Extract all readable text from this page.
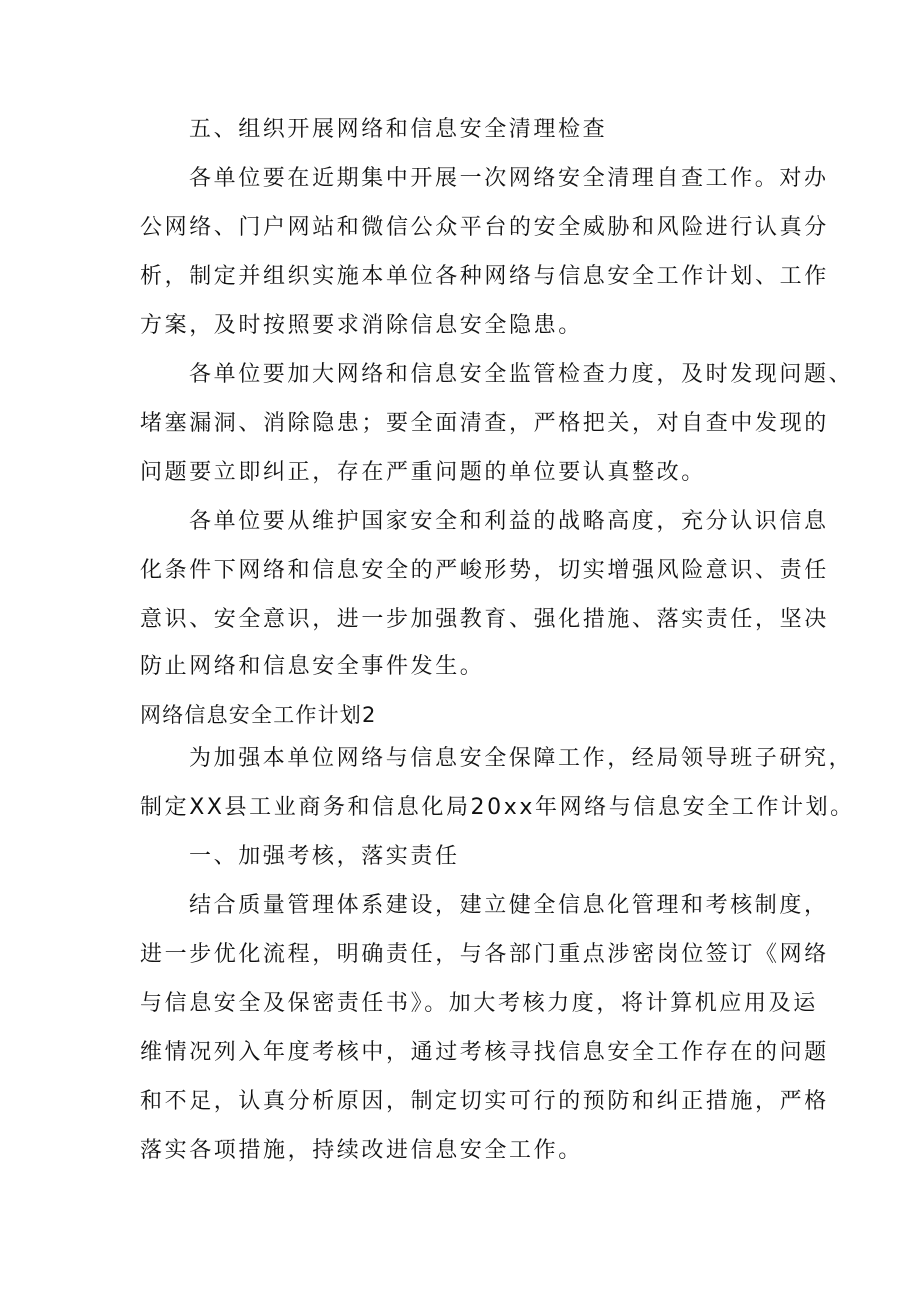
五、组织开展网络和信息安全清理检查
各单位要在近期集中开展一次网络安全清理自查工作。对办
公网络、门户网站和微信公众平台的安全威胁和风险进行认真分
析，制定并组织实施本单位各种网络与信息安全工作计划、工作
方案，及时按照要求消除信息安全隐患。
各单位要加大网络和信息安全监管检查力度，及时发现问题、
堵塞漏洞、消除隐患；要全面清查，严格把关，对自查中发现的
问题要立即纠正，存在严重问题的单位要认真整改。
各单位要从维护国家安全和利益的战略高度，充分认识信息
化条件下网络和信息安全的严峻形势，切实增强风险意识、责任
意识、安全意识，进一步加强教育、强化措施、落实责任，坚决
防止网络和信息安全事件发生。
网络信息安全工作计划2
为加强本单位网络与信息安全保障工作，经局领导班子研究，
制定XX县工业商务和信息化局20xx年网络与信息安全工作计划。
一、加强考核，落实责任
结合质量管理体系建设，建立健全信息化管理和考核制度，
进一步优化流程，明确责任，与各部门重点涉密岗位签订《网络
与信息安全及保密责任书》。加大考核力度，将计算机应用及运
维情况列入年度考核中，通过考核寻找信息安全工作存在的问题
和不足，认真分析原因，制定切实可行的预防和纠正措施，严格
落实各项措施，持续改进信息安全工作。
